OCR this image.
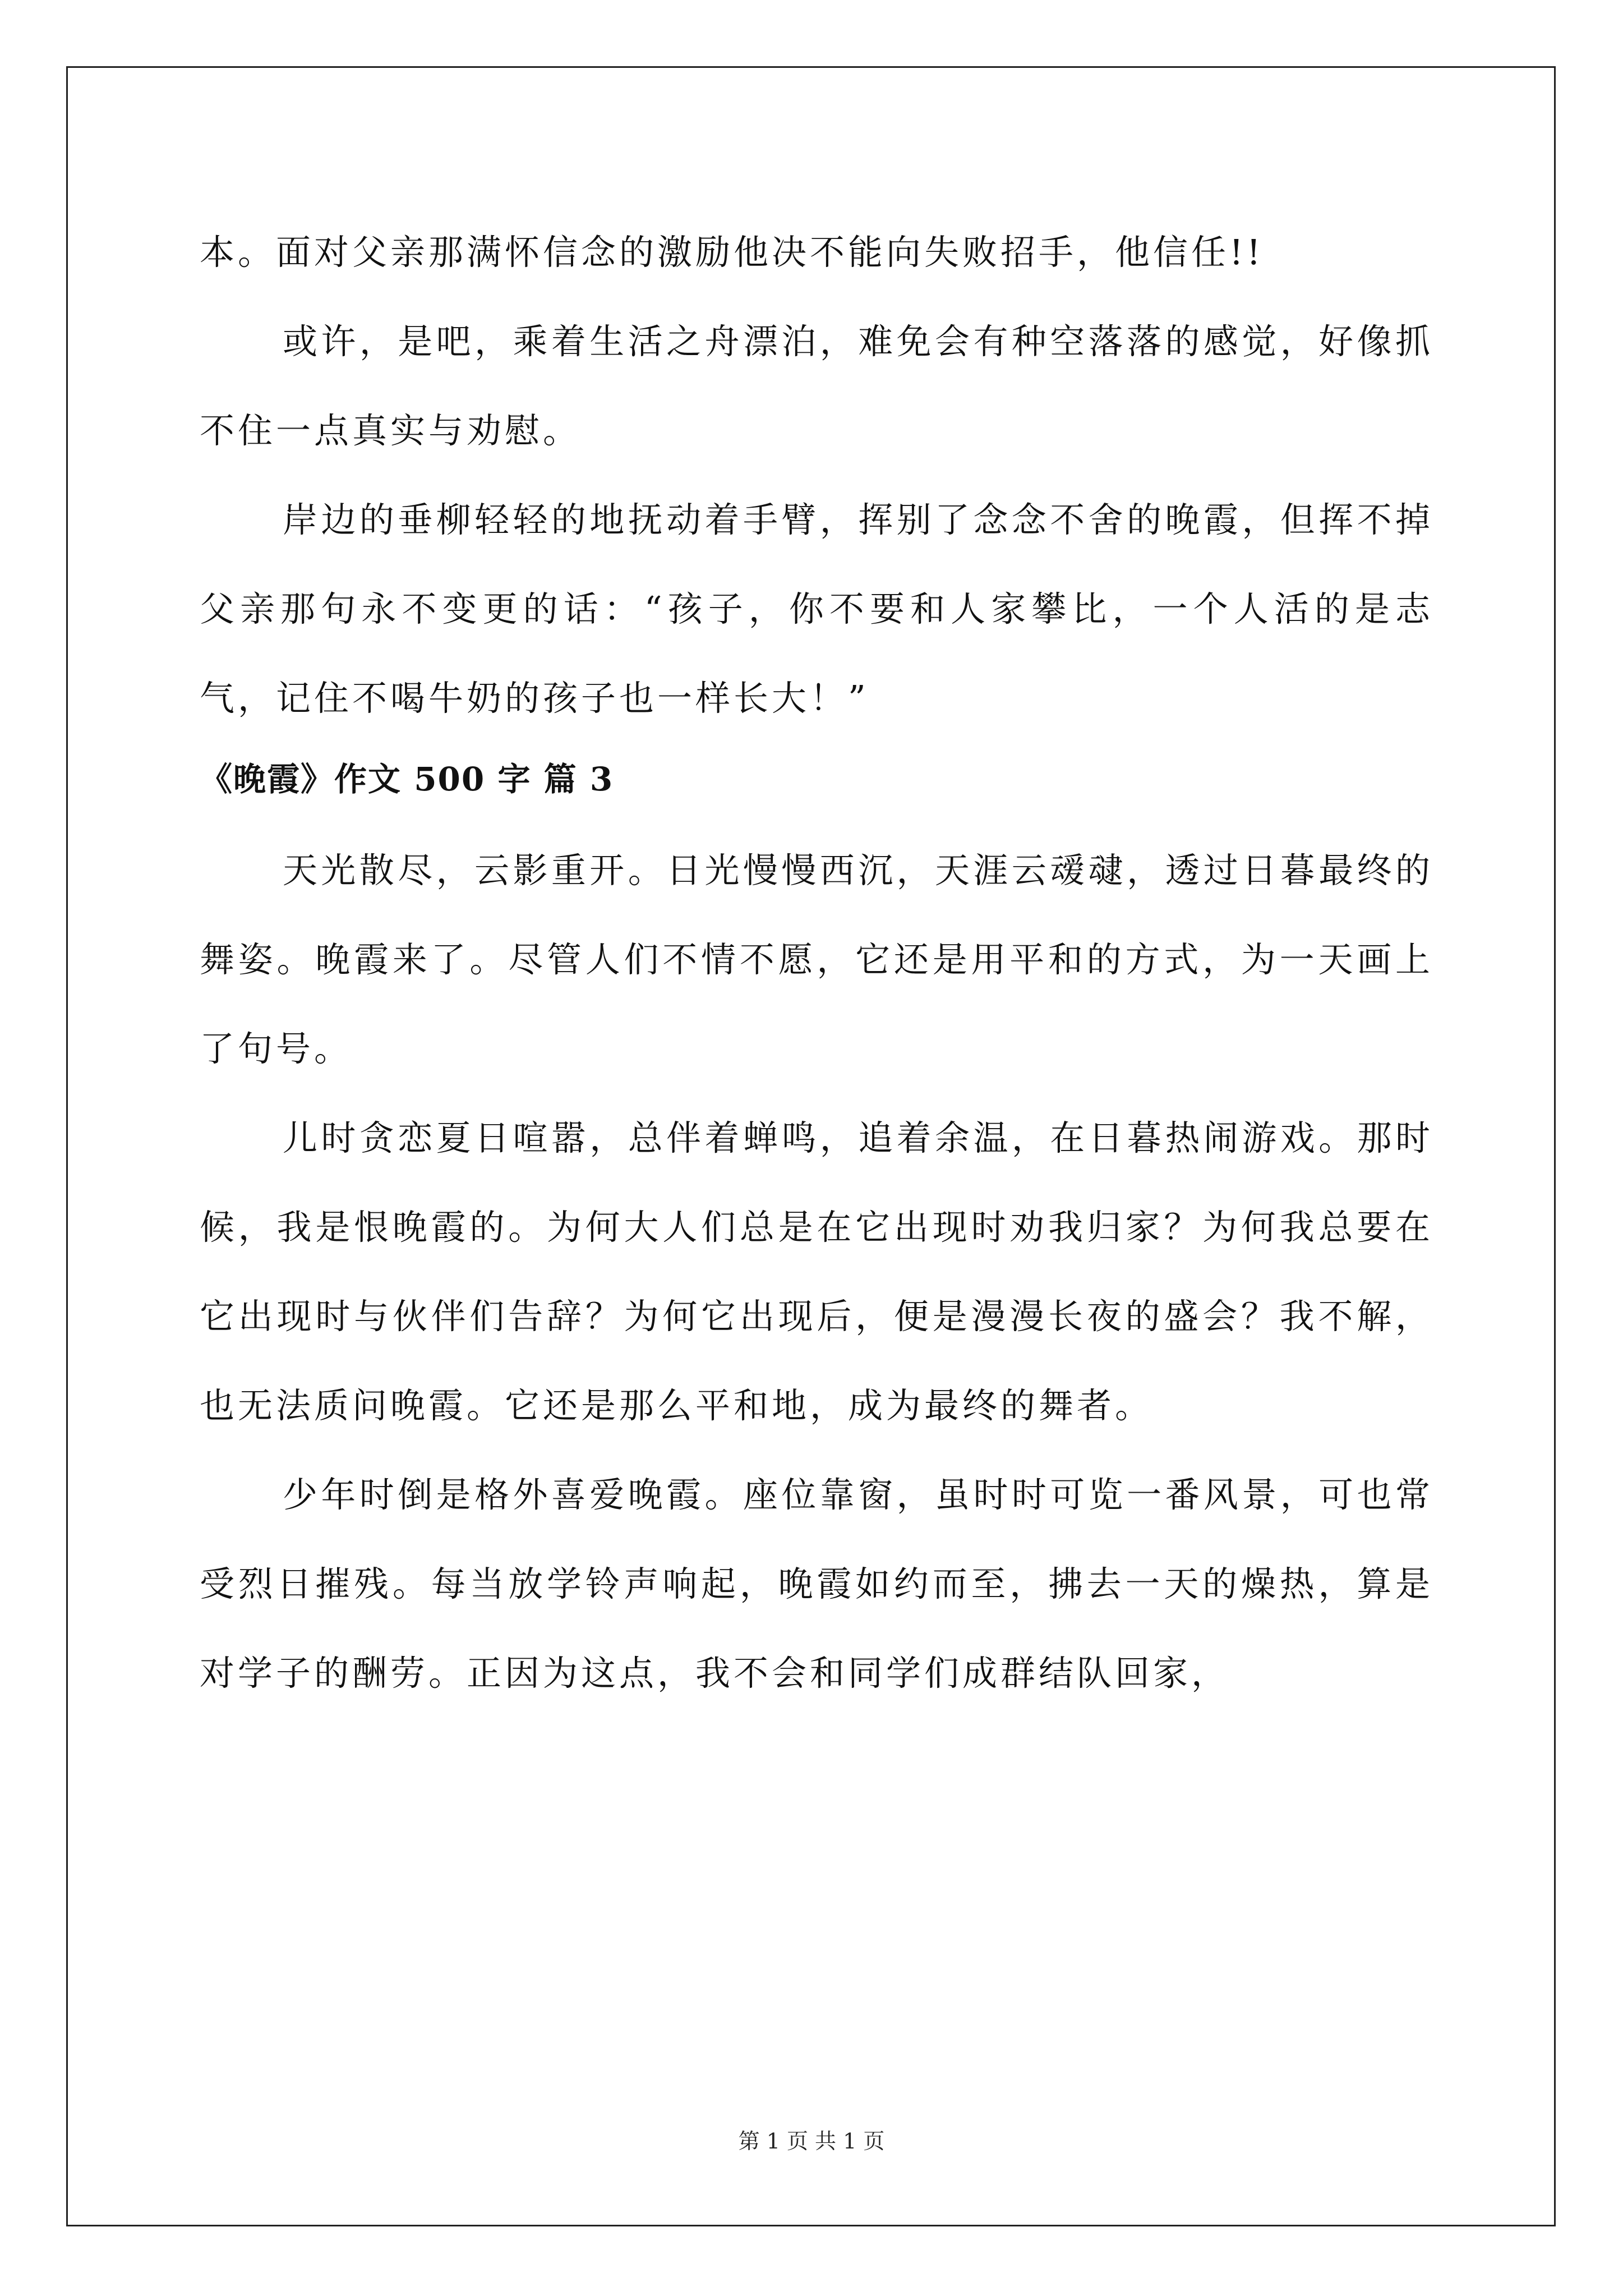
本。面对父亲那满怀信念的激励他决不能向失败招手，他信任!!

或许，是吧，乘着生活之舟漂泊，难免会有种空落落的感觉，好像抓不住一点真实与劝慰。

岸边的垂柳轻轻的地抚动着手臂，挥别了念念不舍的晚霞，但挥不掉父亲那句永不变更的话：“孩子，你不要和人家攀比，一个人活的是志气，记住不喝牛奶的孩子也一样长大！”

《晚霞》作文 500 字 篇 3

天光散尽，云影重开。日光慢慢西沉，天涯云叆叇，透过日暮最终的舞姿。晚霞来了。尽管人们不情不愿，它还是用平和的方式，为一天画上了句号。

儿时贪恋夏日喧嚣，总伴着蝉鸣，追着余温，在日暮热闹游戏。那时候，我是恨晚霞的。为何大人们总是在它出现时劝我归家？为何我总要在它出现时与伙伴们告辞？为何它出现后，便是漫漫长夜的盛会？我不解，也无法质问晚霞。它还是那么平和地，成为最终的舞者。

少年时倒是格外喜爱晚霞。座位靠窗，虽时时可览一番风景，可也常受烈日摧残。每当放学铃声响起，晚霞如约而至，拂去一天的燥热，算是对学子的酬劳。正因为这点，我不会和同学们成群结队回家，

第 1 页 共 1 页
